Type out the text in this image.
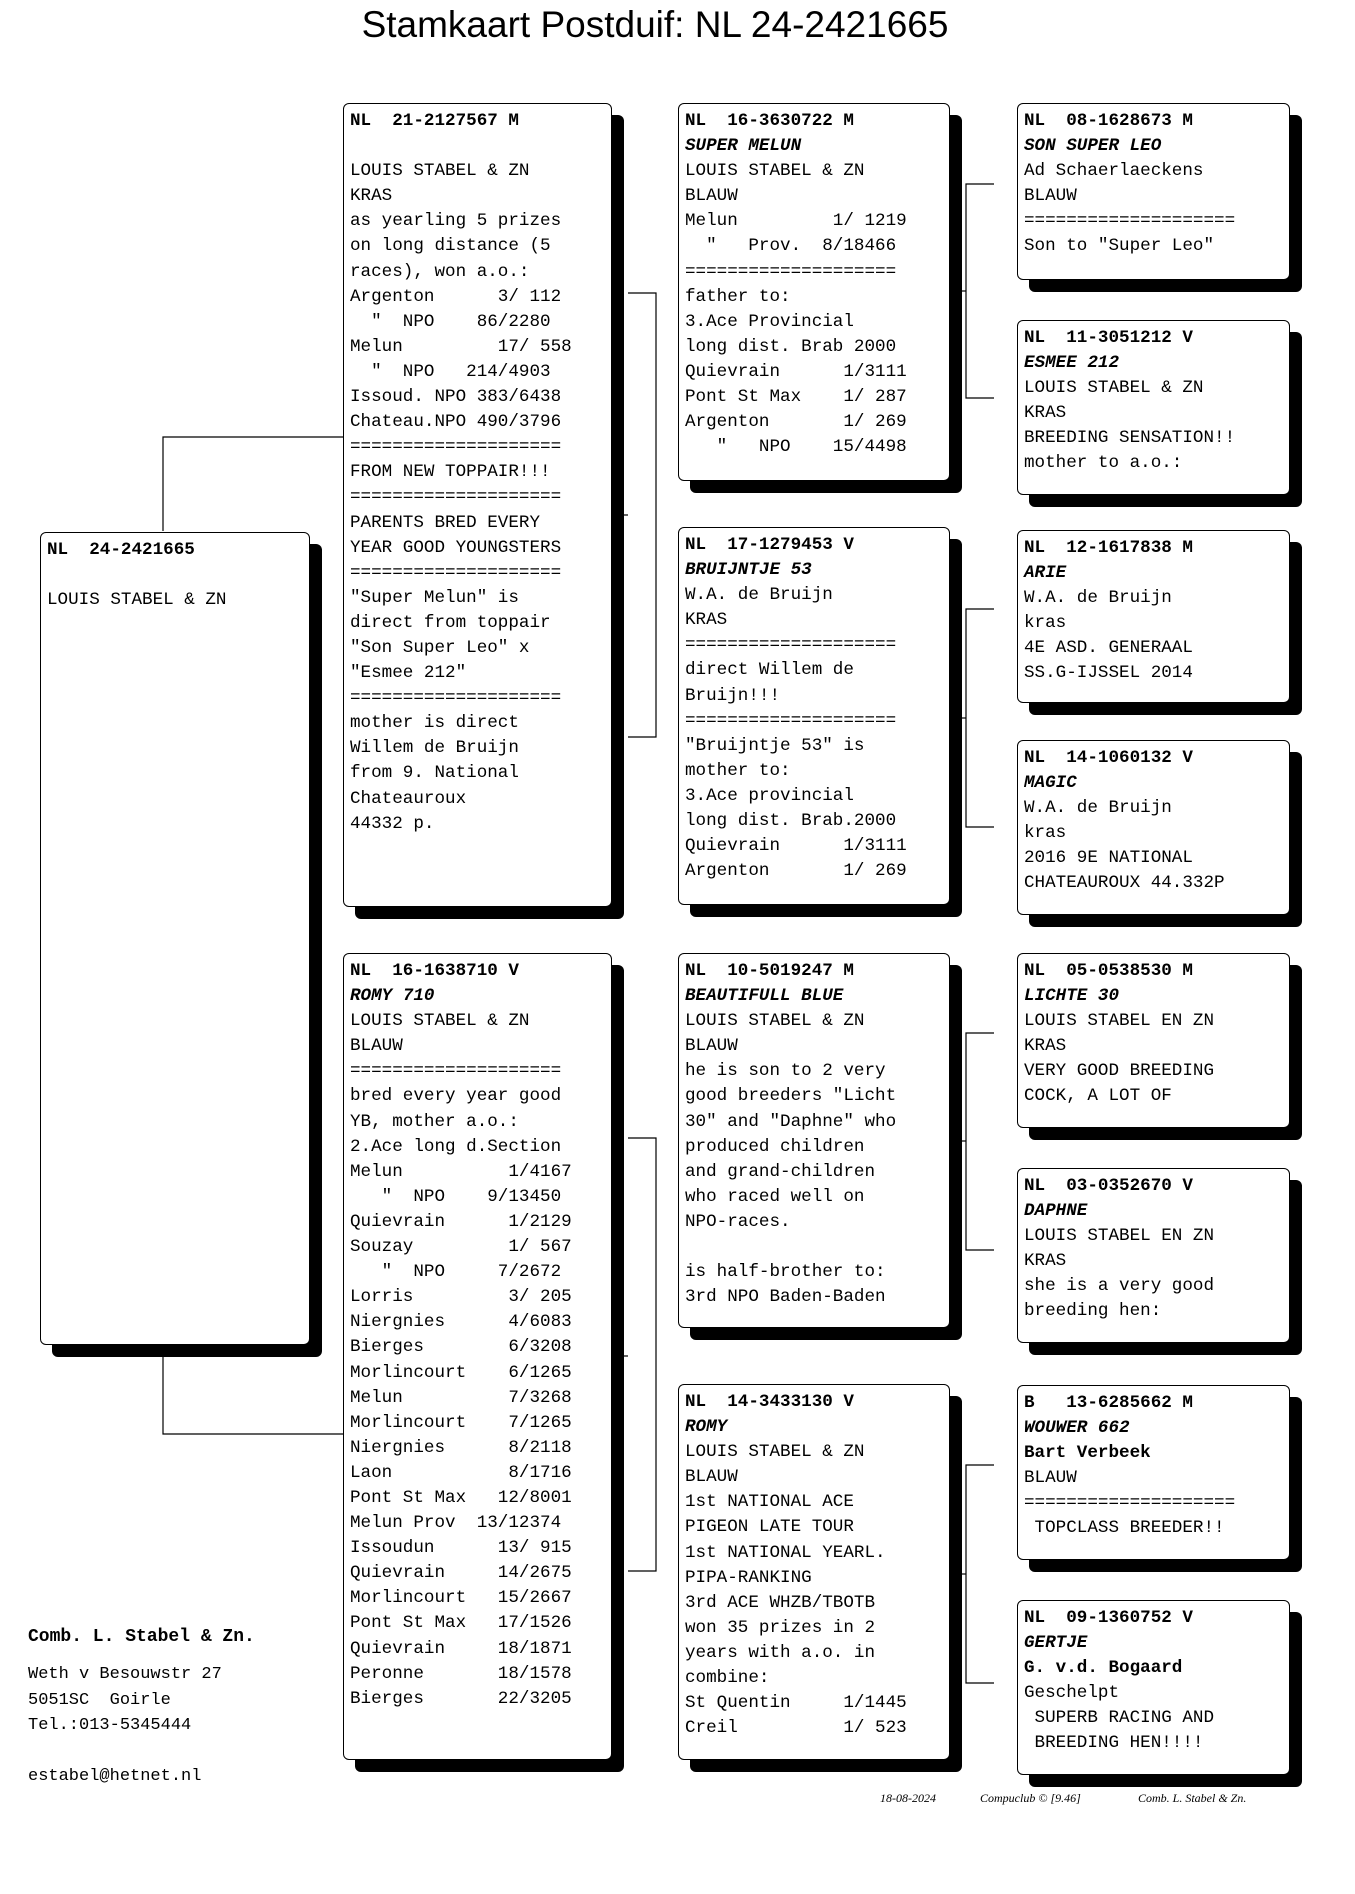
Stamkaart Postduif: NL 24-2421665
NL  24-2421665
LOUIS STABEL & ZN
NL  21-2127567 M
LOUIS STABEL & ZN
KRAS
as yearling 5 prizes
on long distance (5
races), won a.o.:
Argenton      3/ 112
"  NPO    86/2280
Melun         17/ 558
"  NPO   214/4903
Issoud. NPO 383/6438
Chateau.NPO 490/3796
====================
FROM NEW TOPPAIR!!!
====================
PARENTS BRED EVERY
YEAR GOOD YOUNGSTERS
====================
"Super Melun" is
direct from toppair
"Son Super Leo" x
"Esmee 212"
====================
mother is direct
Willem de Bruijn
from 9. National
Chateauroux
44332 p.
NL  16-1638710 V
ROMY 710
LOUIS STABEL & ZN
BLAUW
====================
bred every year good
YB, mother a.o.:
2.Ace long d.Section
Melun          1/4167
"  NPO    9/13450
Quievrain      1/2129
Souzay         1/ 567
"  NPO     7/2672
Lorris         3/ 205
Niergnies      4/6083
Bierges        6/3208
Morlincourt    6/1265
Melun          7/3268
Morlincourt    7/1265
Niergnies      8/2118
Laon           8/1716
Pont St Max   12/8001
Melun Prov  13/12374
Issoudun      13/ 915
Quievrain     14/2675
Morlincourt   15/2667
Pont St Max   17/1526
Quievrain     18/1871
Peronne       18/1578
Bierges       22/3205
NL  16-3630722 M
SUPER MELUN
LOUIS STABEL & ZN
BLAUW
Melun         1/ 1219
"   Prov.  8/18466
====================
father to:
3.Ace Provincial
long dist. Brab 2000
Quievrain      1/3111
Pont St Max    1/ 287
Argenton       1/ 269
"   NPO    15/4498
NL  17-1279453 V
BRUIJNTJE 53
W.A. de Bruijn
KRAS
====================
direct Willem de
Bruijn!!!
====================
"Bruijntje 53" is
mother to:
3.Ace provincial
long dist. Brab.2000
Quievrain      1/3111
Argenton       1/ 269
NL  10-5019247 M
BEAUTIFULL BLUE
LOUIS STABEL & ZN
BLAUW
he is son to 2 very
good breeders "Licht
30" and "Daphne" who
produced children
and grand-children
who raced well on
NPO-races.
is half-brother to:
3rd NPO Baden-Baden
NL  14-3433130 V
ROMY
LOUIS STABEL & ZN
BLAUW
1st NATIONAL ACE
PIGEON LATE TOUR
1st NATIONAL YEARL.
PIPA-RANKING
3rd ACE WHZB/TBOTB
won 35 prizes in 2
years with a.o. in
combine:
St Quentin     1/1445
Creil          1/ 523
NL  08-1628673 M
SON SUPER LEO
Ad Schaerlaeckens
BLAUW
====================
Son to "Super Leo"
NL  11-3051212 V
ESMEE 212
LOUIS STABEL & ZN
KRAS
BREEDING SENSATION!!
mother to a.o.:
NL  12-1617838 M
ARIE
W.A. de Bruijn
kras
4E ASD. GENERAAL
SS.G-IJSSEL 2014
NL  14-1060132 V
MAGIC
W.A. de Bruijn
kras
2016 9E NATIONAL
CHATEAUROUX 44.332P
NL  05-0538530 M
LICHTE 30
LOUIS STABEL EN ZN
KRAS
VERY GOOD BREEDING
COCK, A LOT OF
NL  03-0352670 V
DAPHNE
LOUIS STABEL EN ZN
KRAS
she is a very good
breeding hen:
B   13-6285662 M
WOUWER 662
Bart Verbeek
BLAUW
====================
TOPCLASS BREEDER!!
NL  09-1360752 V
GERTJE
G. v.d. Bogaard
Geschelpt
SUPERB RACING AND
BREEDING HEN!!!!
Comb. L. Stabel & Zn.
Weth v Besouwstr 27
5051SC  Goirle
Tel.:013-5345444
estabel@hetnet.nl
18-08-2024	Compuclub © [9.46]	Comb. L. Stabel & Zn.
